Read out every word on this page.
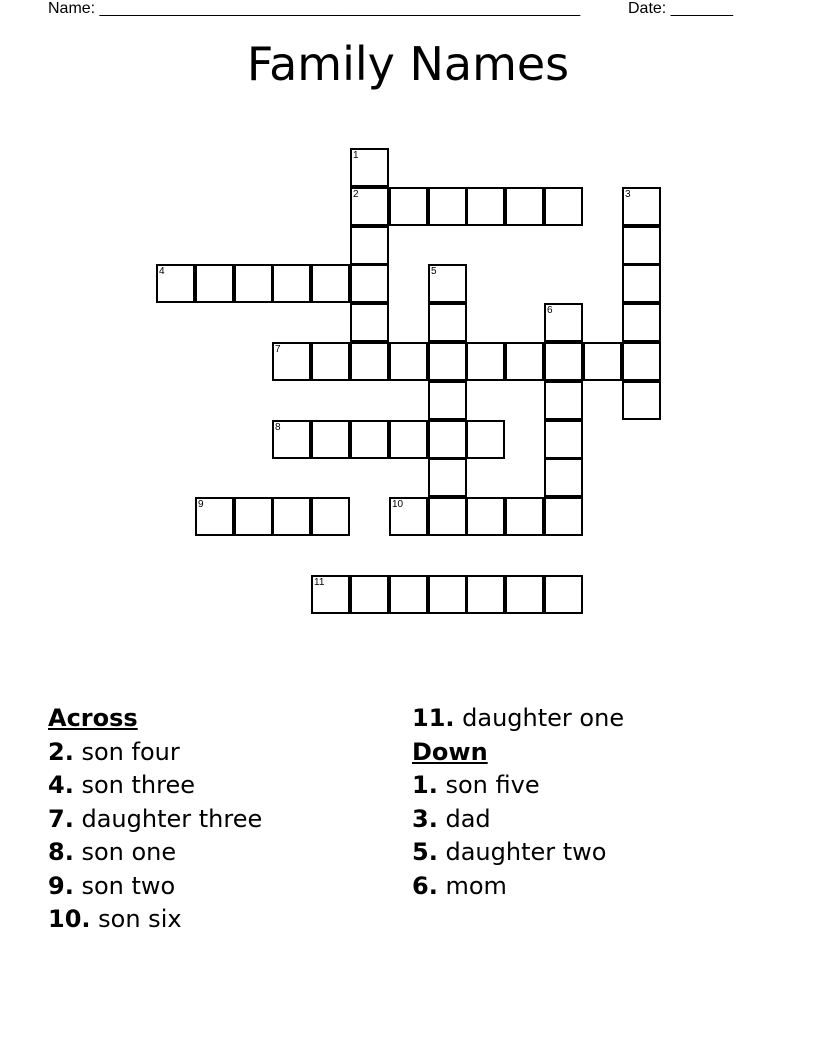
Name: ______________________________________________________	Date: _______
Family Names
1
2	3
4	5
6
7
8
9	10
11
Across
2. son four
4. son three
7. daughter three
8. son one
9. son two
10. son six
11. daughter one
Down
1. son five
3. dad
5. daughter two
6. mom
